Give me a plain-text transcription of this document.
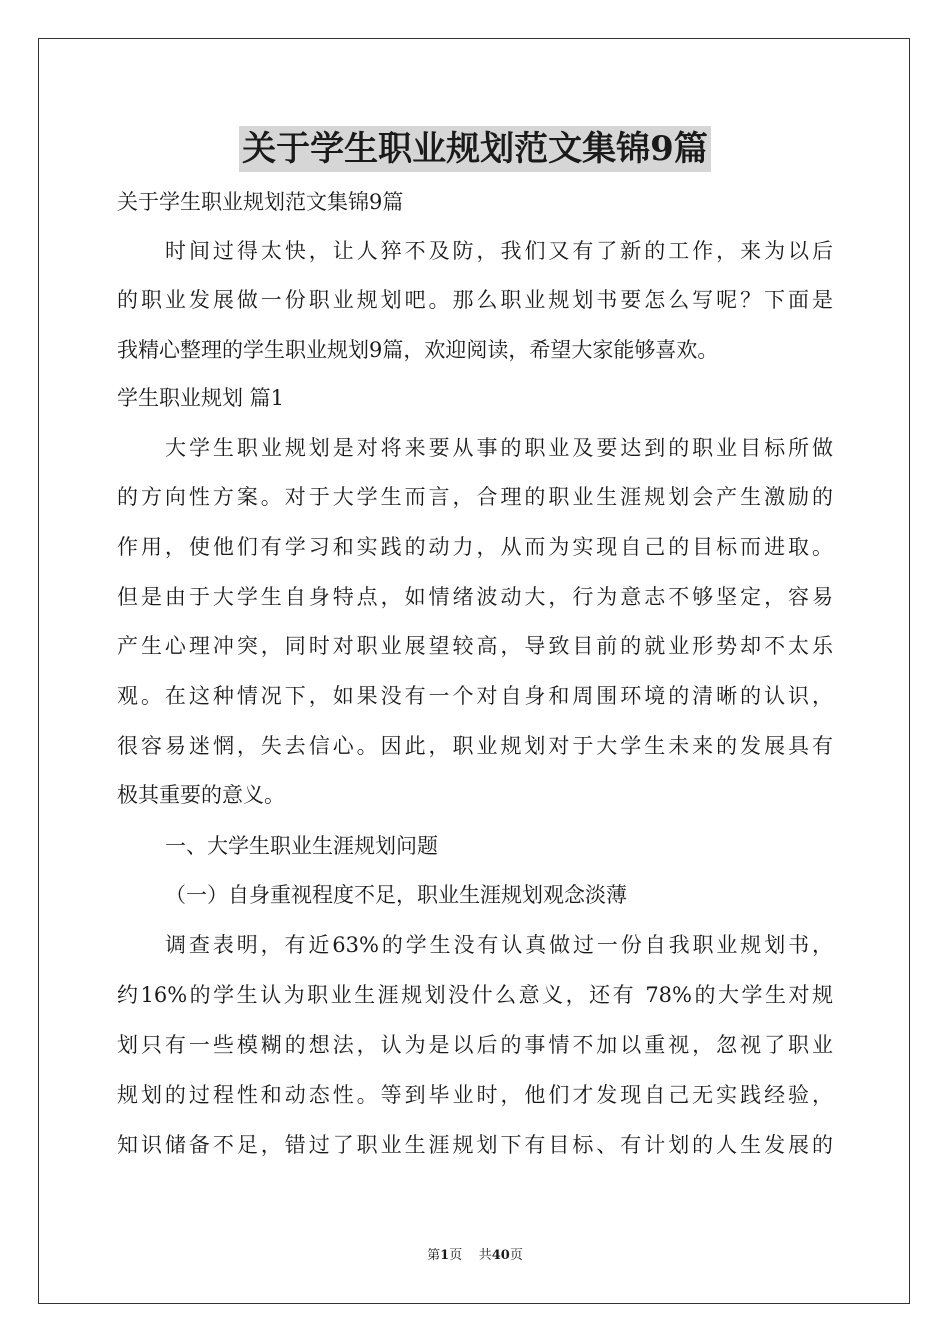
关于学生职业规划范文集锦9篇
关于学生职业规划范文集锦9篇
时间过得太快，让人猝不及防，我们又有了新的工作，来为以后
的职业发展做一份职业规划吧。那么职业规划书要怎么写呢？下面是
我精心整理的学生职业规划9篇，欢迎阅读，希望大家能够喜欢。
学生职业规划 篇1
大学生职业规划是对将来要从事的职业及要达到的职业目标所做
的方向性方案。对于大学生而言，合理的职业生涯规划会产生激励的
作用，使他们有学习和实践的动力，从而为实现自己的目标而进取。
但是由于大学生自身特点，如情绪波动大，行为意志不够坚定，容易
产生心理冲突，同时对职业展望较高，导致目前的就业形势却不太乐
观。在这种情况下，如果没有一个对自身和周围环境的清晰的认识，
很容易迷惘，失去信心。因此，职业规划对于大学生未来的发展具有
极其重要的意义。
一、大学生职业生涯规划问题
（一）自身重视程度不足，职业生涯规划观念淡薄
调查表明，有近63%的学生没有认真做过一份自我职业规划书，
约16%的学生认为职业生涯规划没什么意义，还有 78%的大学生对规
划只有一些模糊的想法，认为是以后的事情不加以重视，忽视了职业
规划的过程性和动态性。等到毕业时，他们才发现自己无实践经验，
知识储备不足，错过了职业生涯规划下有目标、有计划的人生发展的
第1页 共40页
